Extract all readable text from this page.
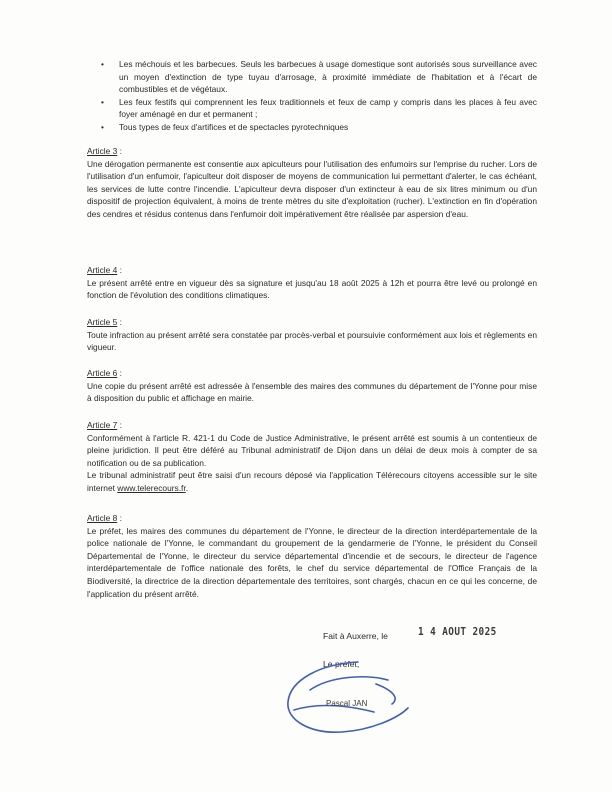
• Les méchouis et les barbecues. Seuls les barbecues à usage domestique sont autorisés sous surveillance avec un moyen d'extinction de type tuyau d'arrosage, à proximité immédiate de l'habitation et à l'écart de combustibles et de végétaux.
• Les feux festifs qui comprennent les feux traditionnels et feux de camp y compris dans les places à feu avec foyer aménagé en dur et permanent ;
• Tous types de feux d'artifices et de spectacles pyrotechniques
Article 3 :

Une dérogation permanente est consentie aux apiculteurs pour l'utilisation des enfumoirs sur l'emprise du rucher. Lors de l'utilisation d'un enfumoir, l'apiculteur doit disposer de moyens de communication lui permettant d'alerter, le cas échéant, les services de lutte contre l'incendie. L'apiculteur devra disposer d'un extincteur à eau de six litres minimum ou d'un dispositif de projection équivalent, à moins de trente mètres du site d'exploitation (rucher). L'extinction en fin d'opération des cendres et résidus contenus dans l'enfumoir doit impérativement être réalisée par aspersion d'eau.

Article 4 :

Le présent arrêté entre en vigueur dès sa signature et jusqu'au 18 août 2025 à 12h et pourra être levé ou prolongé en fonction de l'évolution des conditions climatiques.

Article 5 :

Toute infraction au présent arrêté sera constatée par procès-verbal et poursuivie conformément aux lois et règlements en vigueur.

Article 6 :

Une copie du présent arrêté est adressée à l'ensemble des maires des communes du département de l'Yonne pour mise à disposition du public et affichage en mairie.

Article 7 :

Conformément à l'article R. 421-1 du Code de Justice Administrative, le présent arrêté est soumis à un contentieux de pleine juridiction. Il peut être déféré au Tribunal administratif de Dijon dans un délai de deux mois à compter de sa notification ou de sa publication.

Le tribunal administratif peut être saisi d'un recours déposé via l'application Télérecours citoyens accessible sur le site internet www.telerecours.fr.

Article 8 :

Le préfet, les maires des communes du département de l'Yonne, le directeur de la direction interdépartementale de la police nationale de l'Yonne, le commandant du groupement de la gendarmerie de l'Yonne, le président du Conseil Départemental de l'Yonne, le directeur du service départemental d'incendie et de secours, le directeur de l'agence interdépartementale de l'office nationale des forêts, le chef du service départemental de l'Office Français de la Biodiversité, la directrice de la direction départementale des territoires, sont chargés, chacun en ce qui les concerne, de l'application du présent arrêté.

Fait à Auxerre, le	1 4 AOUT 2025
Le préfet,
Pascal JAN
